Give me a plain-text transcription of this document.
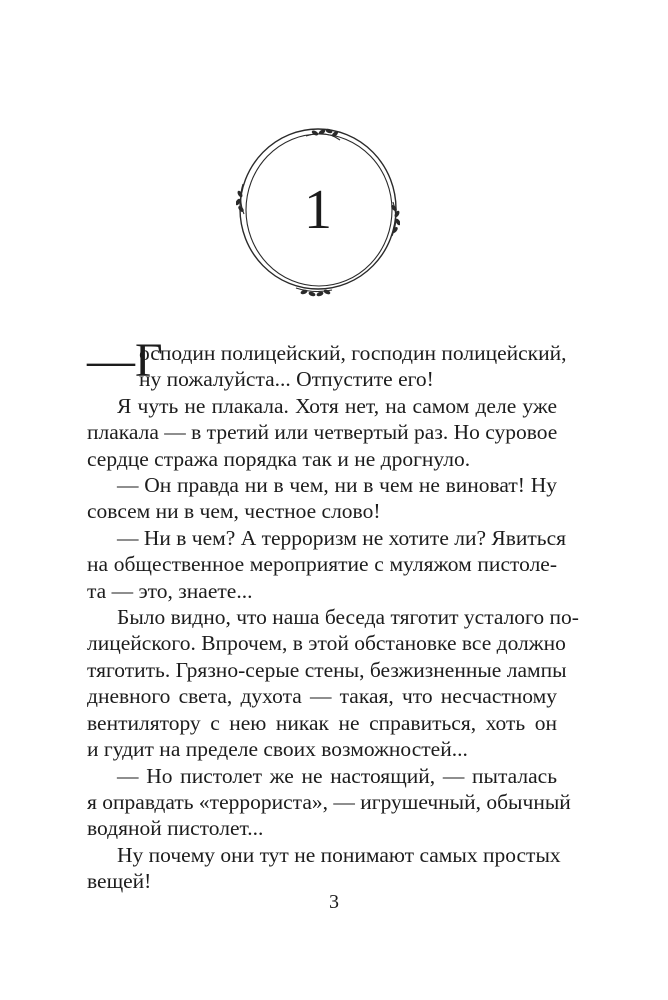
1
—Г
осподин полицейский, господин полицейский,
ну пожалуйста... Отпустите его!
Я чуть не плакала. Хотя нет, на самом деле уже
плакала — в третий или четвертый раз. Но суровое
сердце стража порядка так и не дрогнуло.
— Он правда ни в чем, ни в чем не виноват! Ну
совсем ни в чем, честное слово!
— Ни в чем? А терроризм не хотите ли? Явиться
на общественное мероприятие с муляжом пистоле-
та — это, знаете...
Было видно, что наша беседа тяготит усталого по-
лицейского. Впрочем, в этой обстановке все должно
тяготить. Грязно-серые стены, безжизненные лампы
дневного света, духота — такая, что несчастному
вентилятору с нею никак не справиться, хоть он
и гудит на пределе своих возможностей...
— Но пистолет же не настоящий, — пыталась
я оправдать «террориста», — игрушечный, обычный
водяной пистолет...
Ну почему они тут не понимают самых простых
вещей!
3
